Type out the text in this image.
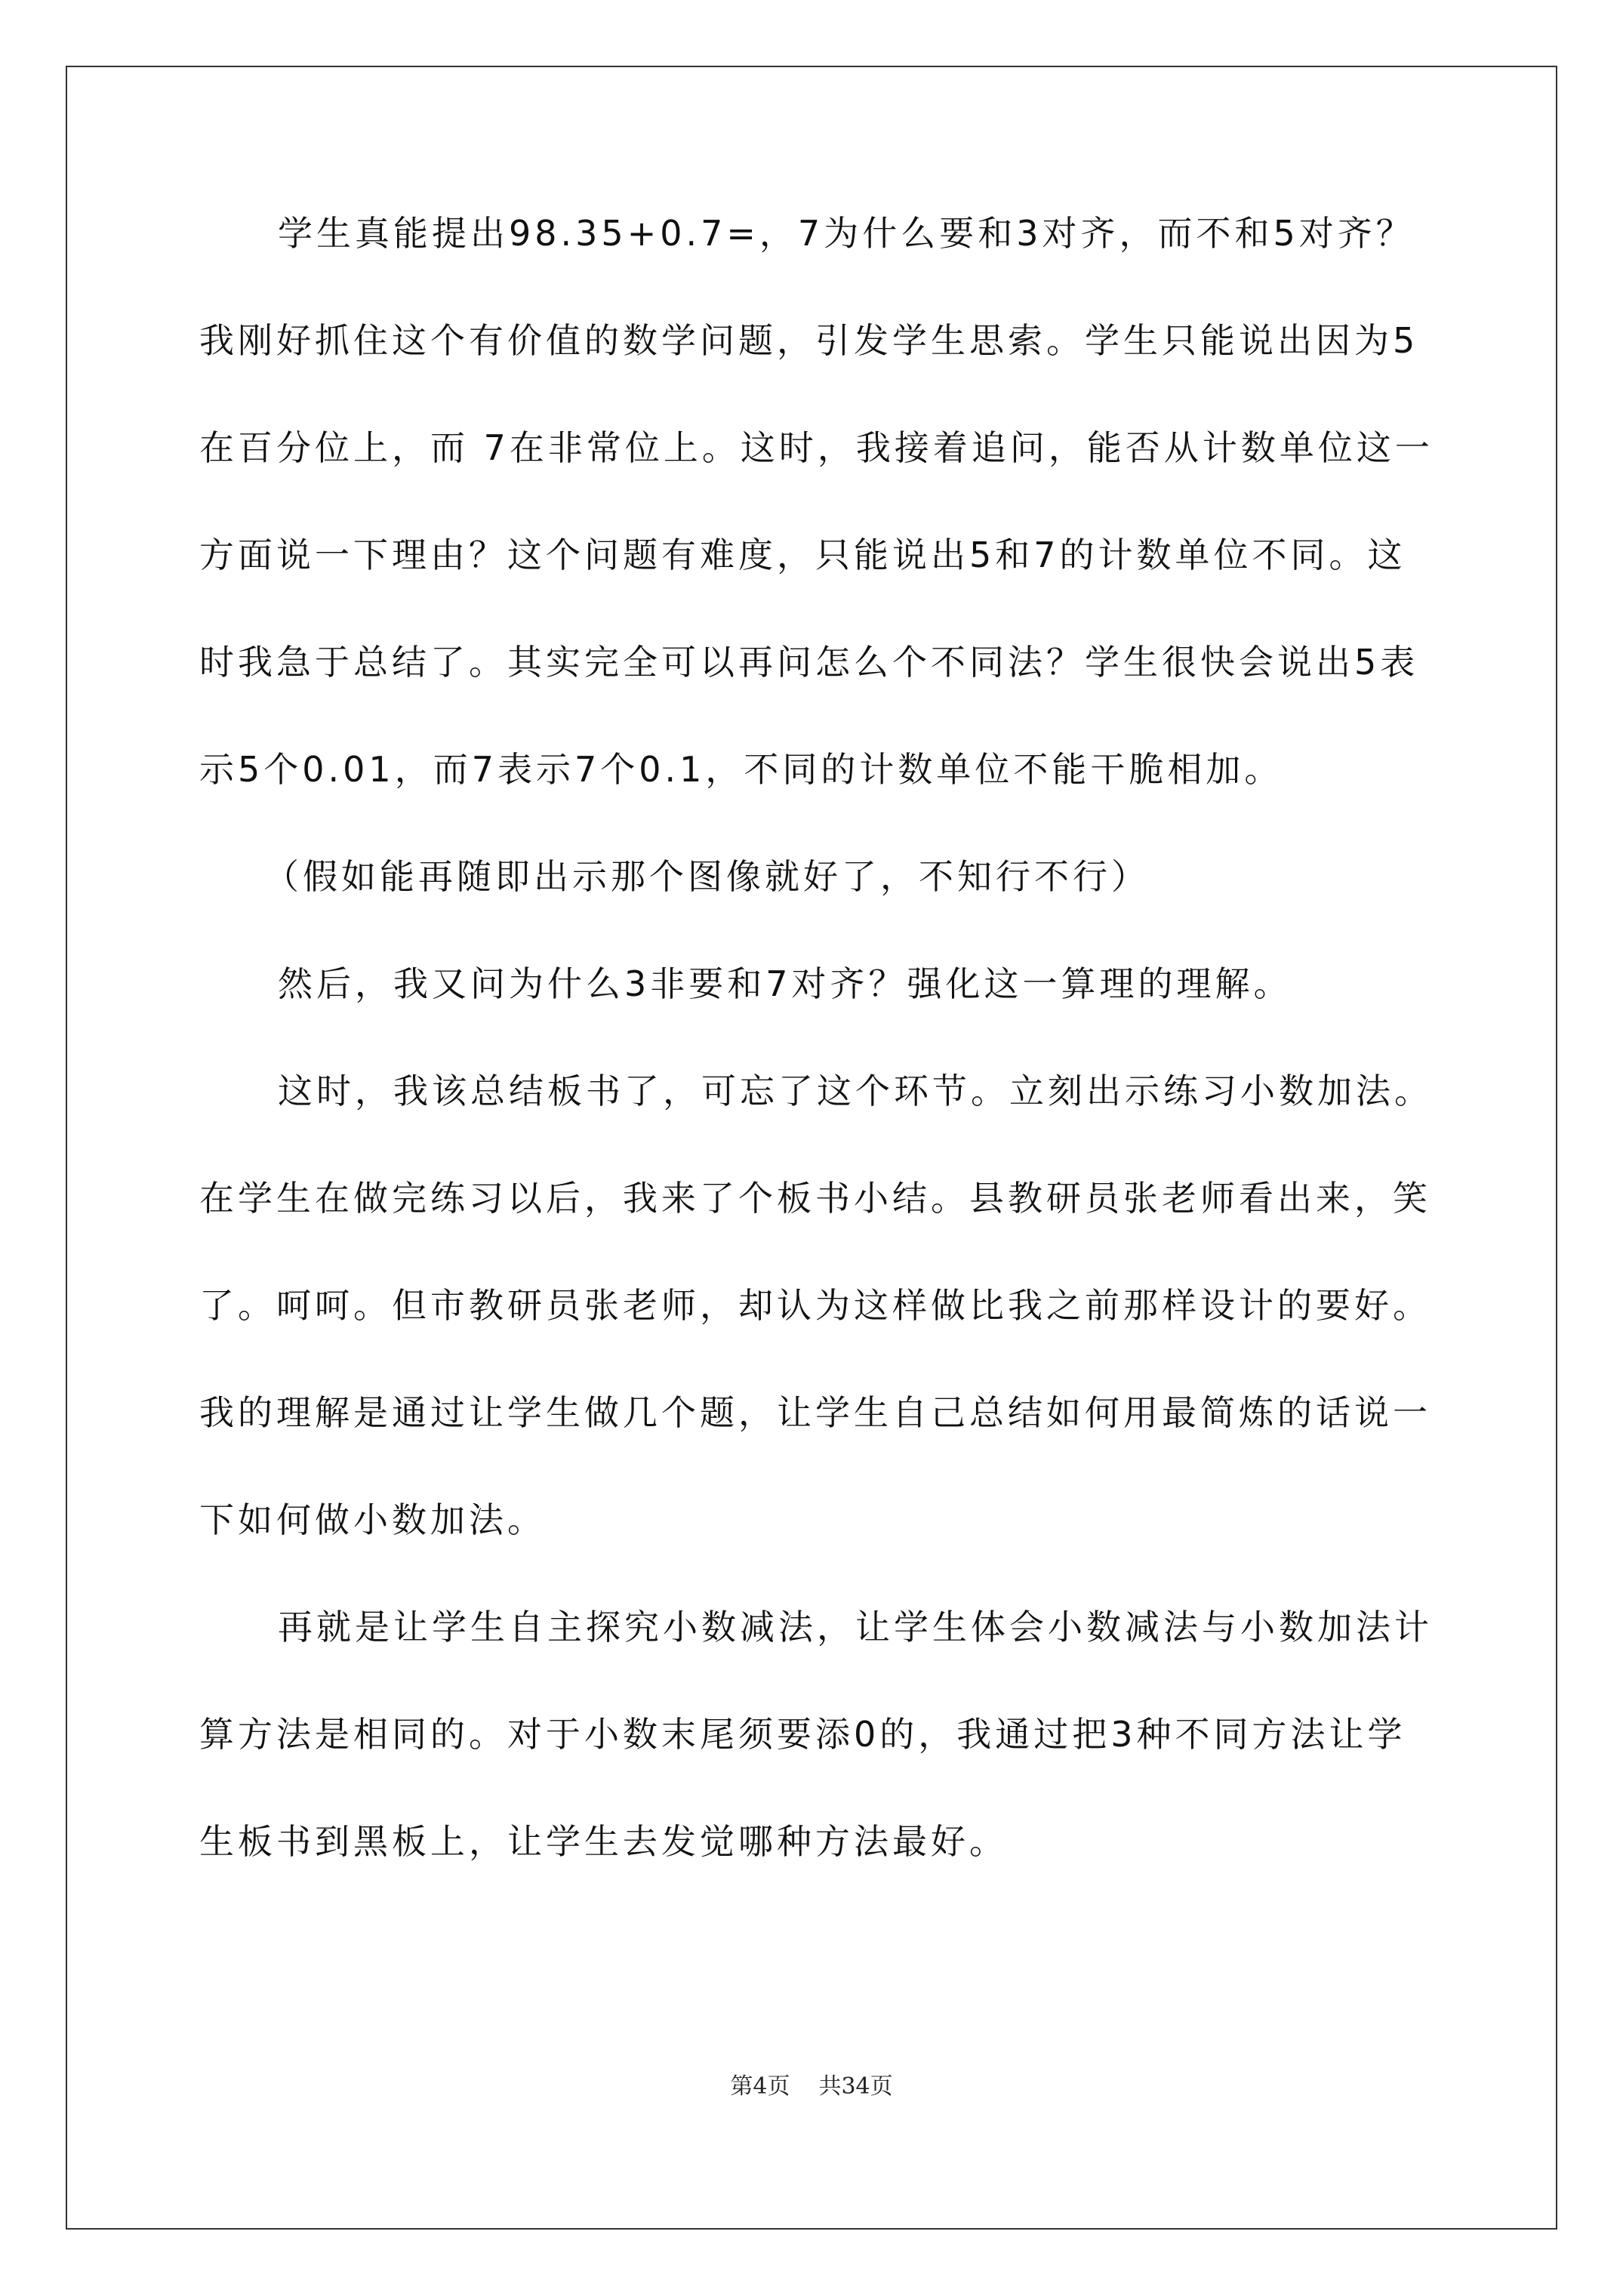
学生真能提出98.35+0.7=，7为什么要和3对齐，而不和5对齐？我刚好抓住这个有价值的数学问题，引发学生思索。学生只能说出因为5在百分位上，而 7在非常位上。这时，我接着追问，能否从计数单位这一方面说一下理由？这个问题有难度，只能说出5和7的计数单位不同。这时我急于总结了。其实完全可以再问怎么个不同法？学生很快会说出5表示5个0.01，而7表示7个0.1，不同的计数单位不能干脆相加。

（假如能再随即出示那个图像就好了，不知行不行）

然后，我又问为什么3非要和7对齐？强化这一算理的理解。

这时，我该总结板书了，可忘了这个环节。立刻出示练习小数加法。在学生在做完练习以后，我来了个板书小结。县教研员张老师看出来，笑了。呵呵。但市教研员张老师，却认为这样做比我之前那样设计的要好。我的理解是通过让学生做几个题，让学生自己总结如何用最简炼的话说一下如何做小数加法。

再就是让学生自主探究小数减法，让学生体会小数减法与小数加法计算方法是相同的。对于小数末尾须要添0的，我通过把3种不同方法让学生板书到黑板上，让学生去发觉哪种方法最好。

第4页 共34页
